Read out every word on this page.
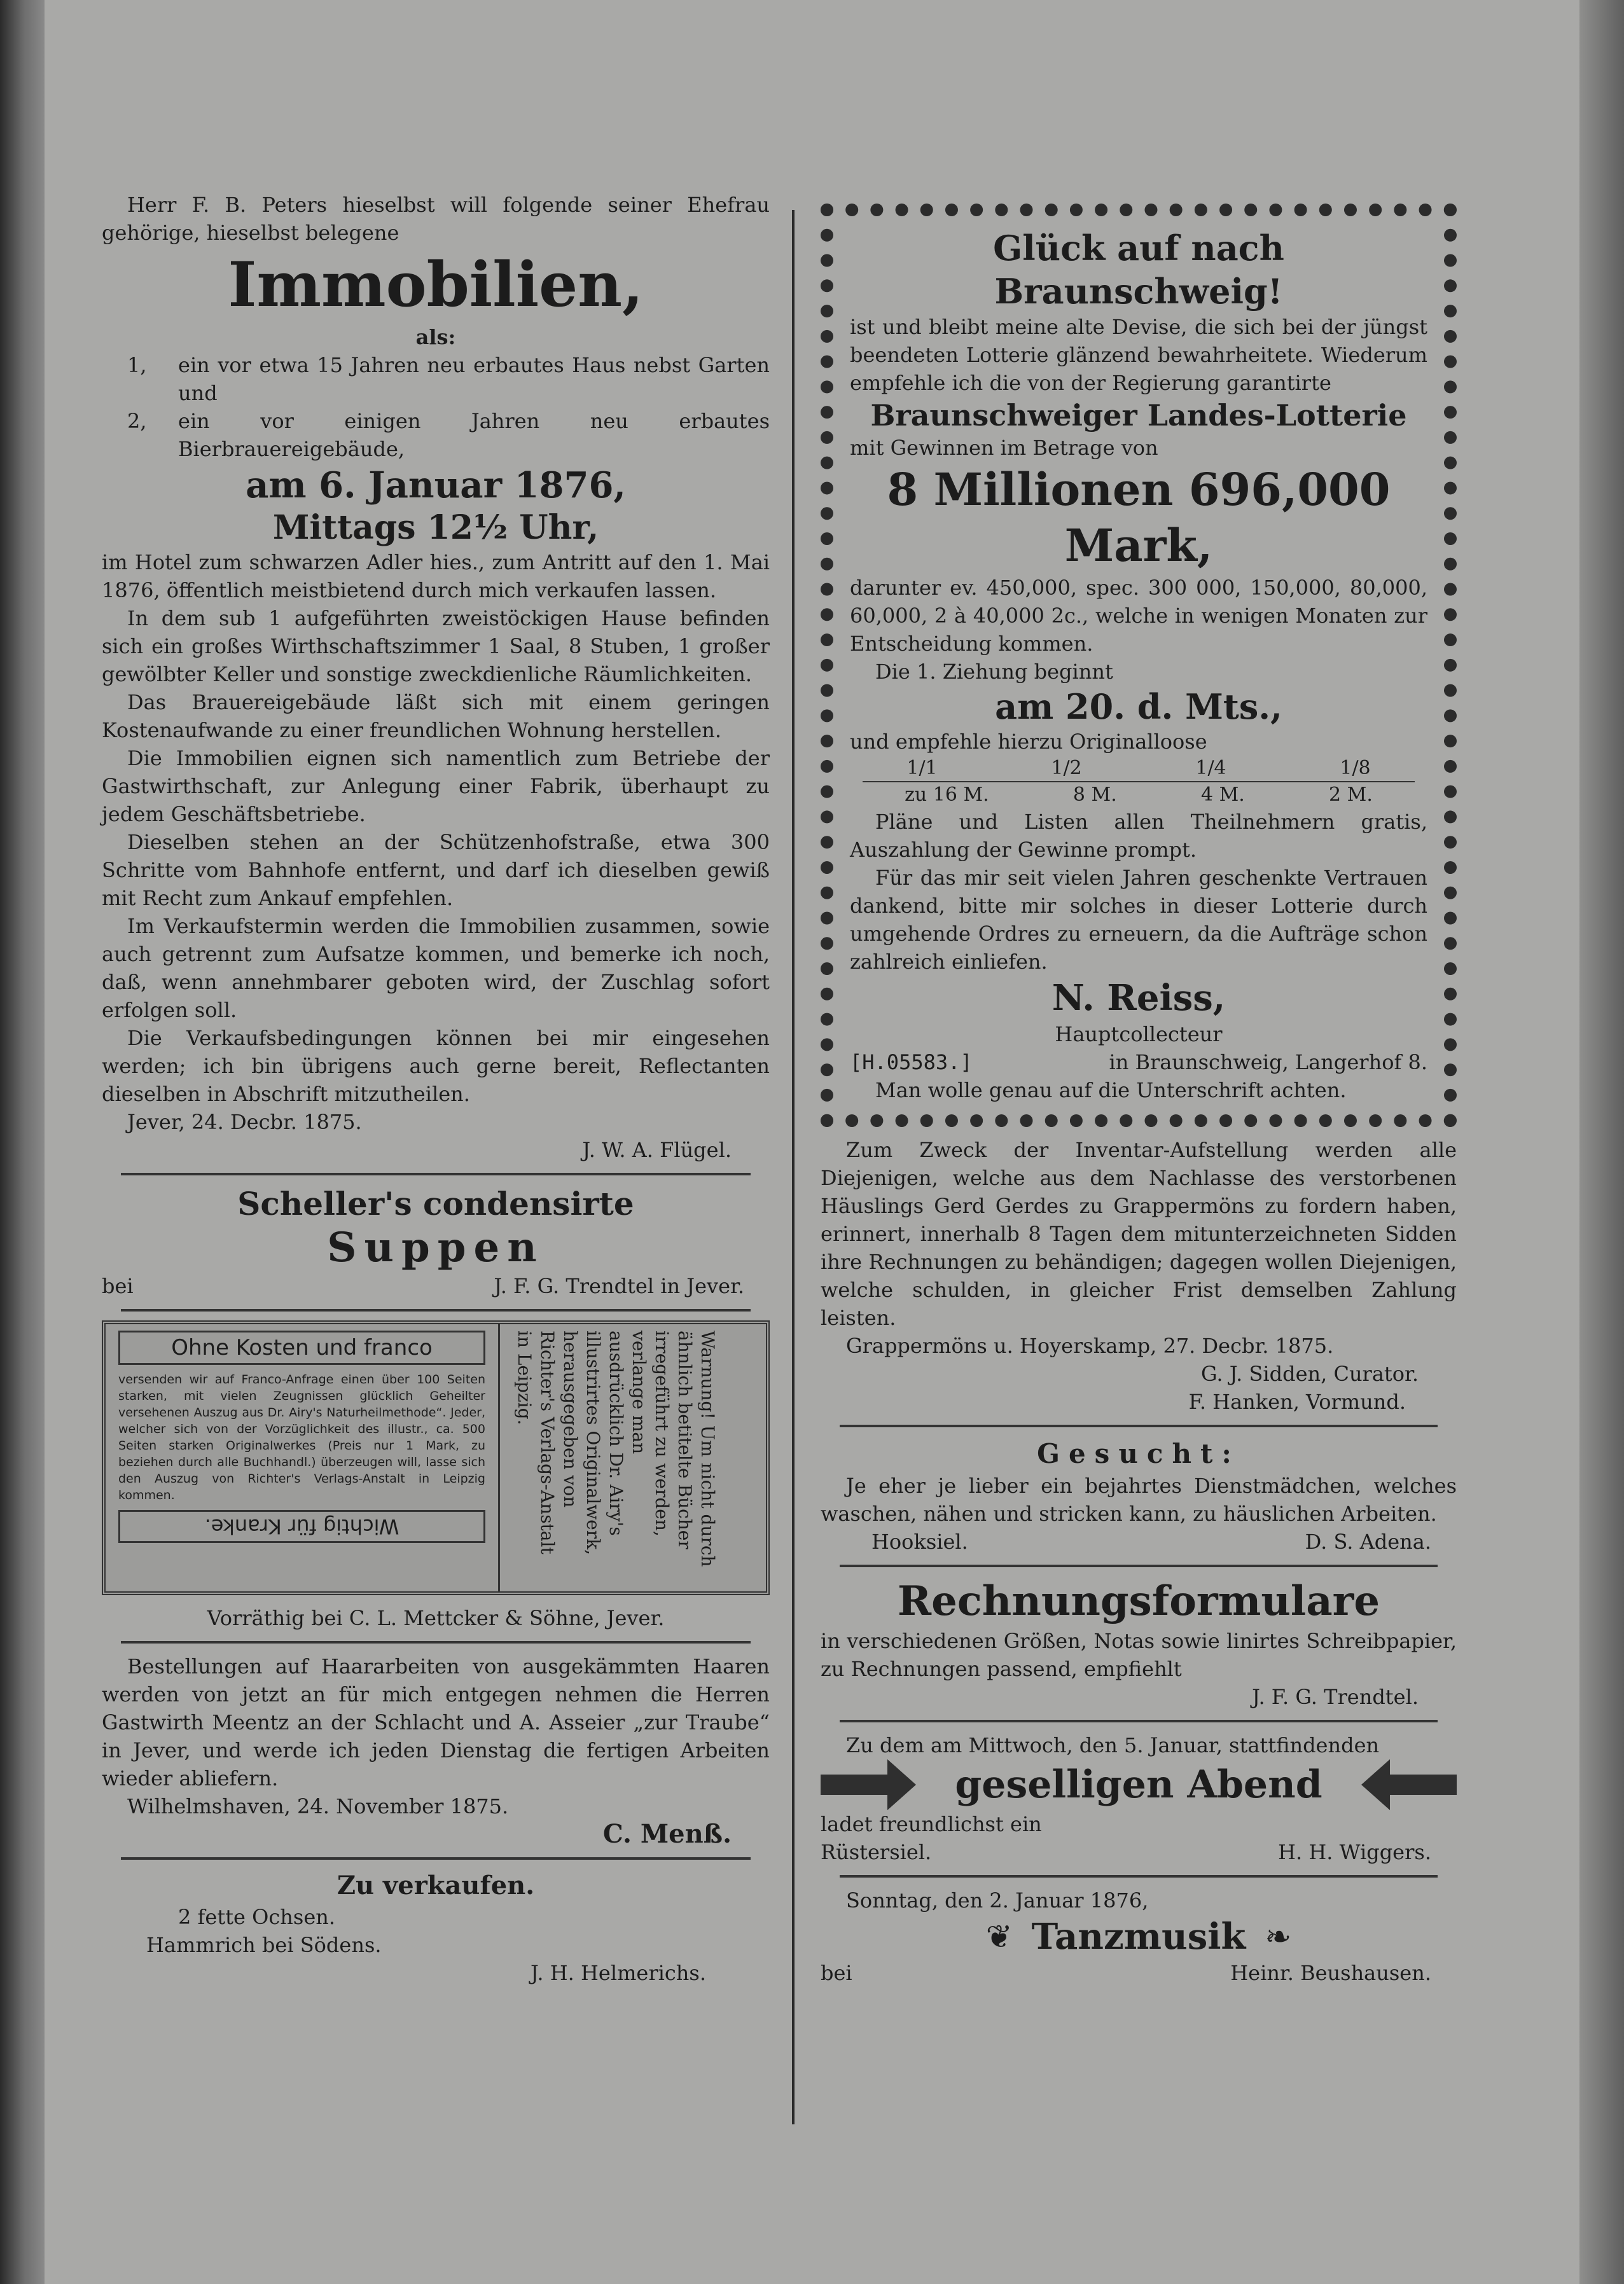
Herr F. B. Peters hieselbst will folgende seiner Ehefrau gehörige, hieselbst belegene

Immobilien,
als:
1,	ein vor etwa 15 Jahren neu erbautes Haus nebst Garten und

2,	ein vor einigen Jahren neu erbautes Bierbrauereigebäude,

am 6. Januar 1876,
Mittags 12½ Uhr,

im Hotel zum schwarzen Adler hies., zum Antritt auf den 1. Mai 1876, öffentlich meistbietend durch mich verkaufen lassen.

In dem sub 1 aufgeführten zweistöckigen Hause befinden sich ein großes Wirthschaftszimmer 1 Saal, 8 Stuben, 1 großer gewölbter Keller und sonstige zweckdienliche Räumlichkeiten.

Das Brauereigebäude läßt sich mit einem geringen Kostenaufwande zu einer freundlichen Wohnung herstellen.

Die Immobilien eignen sich namentlich zum Betriebe der Gastwirthschaft, zur Anlegung einer Fabrik, überhaupt zu jedem Geschäftsbetriebe.

Dieselben stehen an der Schützenhofstraße, etwa 300 Schritte vom Bahnhofe entfernt, und darf ich dieselben gewiß mit Recht zum Ankauf empfehlen.

Im Verkaufstermin werden die Immobilien zusammen, sowie auch getrennt zum Aufsatze kommen, und bemerke ich noch, daß, wenn annehmbarer geboten wird, der Zuschlag sofort erfolgen soll.

Die Verkaufsbedingungen können bei mir eingesehen werden; ich bin übrigens auch gerne bereit, Reflectanten dieselben in Abschrift mitzutheilen.

Jever, 24. Decbr. 1875.

J. W. A. Flügel.

Scheller's condensirte
Suppen
bei	J. F. G. Trendtel in Jever.
Ohne Kosten und franco

versenden wir auf Franco-Anfrage einen über 100 Seiten starken, mit vielen Zeugnissen glücklich Geheilter versehenen Auszug aus Dr. Airy's Naturheilmethode“. Jeder, welcher sich von der Vorzüglichkeit des illustr., ca. 500 Seiten starken Originalwerkes (Preis nur 1 Mark, zu beziehen durch alle Buchhandl.) überzeugen will, lasse sich den Auszug von Richter's Verlags-Anstalt in Leipzig kommen.

Wichtig für Kranke.	Warnung! Um nicht durch ähnlich betitelte Bücher irregeführt zu werden, verlange man ausdrücklich Dr. Airy's illustrirtes Originalwerk, herausgegeben von Richter's Verlags-Anstalt in Leipzig.

Vorräthig bei C. L. Mettcker & Söhne, Jever.

Bestellungen auf Haararbeiten von ausgekämmten Haaren werden von jetzt an für mich entgegen nehmen die Herren Gastwirth Meentz an der Schlacht und A. Asseier „zur Traube“ in Jever, und werde ich jeden Dienstag die fertigen Arbeiten wieder abliefern.

Wilhelmshaven, 24. November 1875.

C. Menß.

Zu verkaufen.

2 fette Ochsen.

Hammrich bei Södens.

J. H. Helmerichs.

Glück auf nach Braunschweig!

ist und bleibt meine alte Devise, die sich bei der jüngst beendeten Lotterie glänzend bewahrheitete. Wiederum empfehle ich die von der Regierung garantirte

Braunschweiger Landes-Lotterie

mit Gewinnen im Betrage von

8 Millionen 696,000 Mark,

darunter ev. 450,000, spec. 300 000, 150,000, 80,000, 60,000, 2 à 40,000 2c., welche in wenigen Monaten zur Entscheidung kommen.

Die 1. Ziehung beginnt

am 20. d. Mts.,

und empfehle hierzu Originalloose

1/1	1/2	1/4	1/8
zu 16 M.	8 M.	4 M.	2 M.

Pläne und Listen allen Theilnehmern gratis, Auszahlung der Gewinne prompt.

Für das mir seit vielen Jahren geschenkte Vertrauen dankend, bitte mir solches in dieser Lotterie durch umgehende Ordres zu erneuern, da die Aufträge schon zahlreich einliefen.

N. Reiss,

Hauptcollecteur

[H.05583.]	in Braunschweig, Langerhof 8.

Man wolle genau auf die Unterschrift achten.

Zum Zweck der Inventar-Aufstellung werden alle Diejenigen, welche aus dem Nachlasse des verstorbenen Häuslings Gerd Gerdes zu Grappermöns zu fordern haben, erinnert, innerhalb 8 Tagen dem mitunterzeichneten Sidden ihre Rechnungen zu behändigen; dagegen wollen Diejenigen, welche schulden, in gleicher Frist demselben Zahlung leisten.

Grappermöns u. Hoyerskamp, 27. Decbr. 1875.

G. J. Sidden, Curator.

F. Hanken, Vormund.

Gesucht:

Je eher je lieber ein bejahrtes Dienstmädchen, welches waschen, nähen und stricken kann, zu häuslichen Arbeiten.

Hooksiel.	D. S. Adena.
Rechnungsformulare

in verschiedenen Größen, Notas sowie linirtes Schreibpapier, zu Rechnungen passend, empfiehlt

J. F. G. Trendtel.

Zu dem am Mittwoch, den 5. Januar, stattfindenden

geselligen Abend

ladet freundlichst ein

Rüstersiel.	H. H. Wiggers.

Sonntag, den 2. Januar 1876,

❦ Tanzmusik ❧
bei	Heinr. Beushausen.
